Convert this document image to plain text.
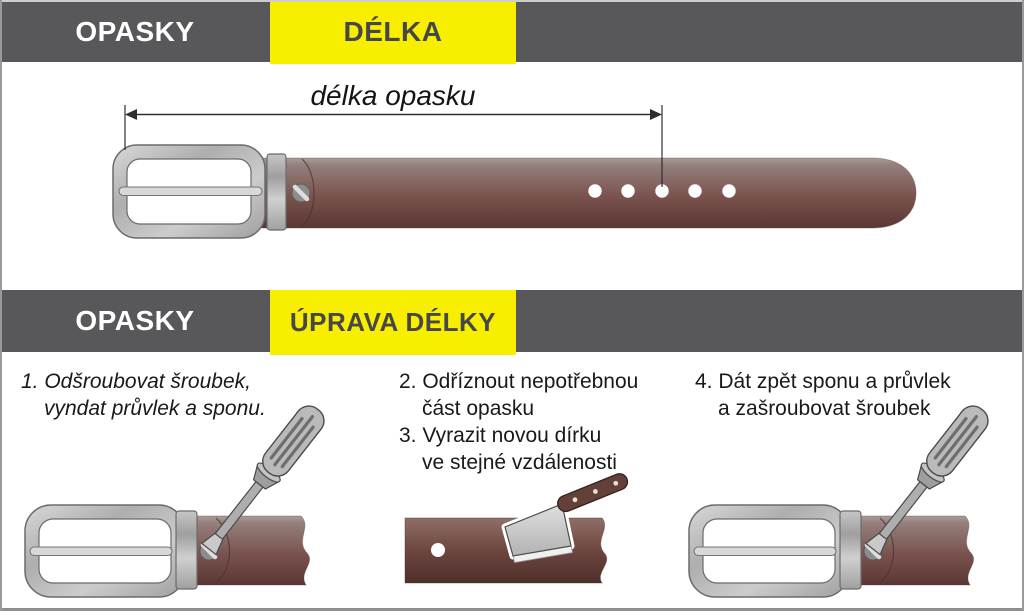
OPASKY	DÉLKA
OPASKY	ÚPRAVA DÉLKY
délka opasku
1. Odšroubovat šroubek,
vyndat průvlek a sponu.
2. Odříznout nepotřebnou
část opasku
3. Vyrazit novou dírku
ve stejné vzdálenosti
4. Dát zpět sponu a průvlek
a zašroubovat šroubek
